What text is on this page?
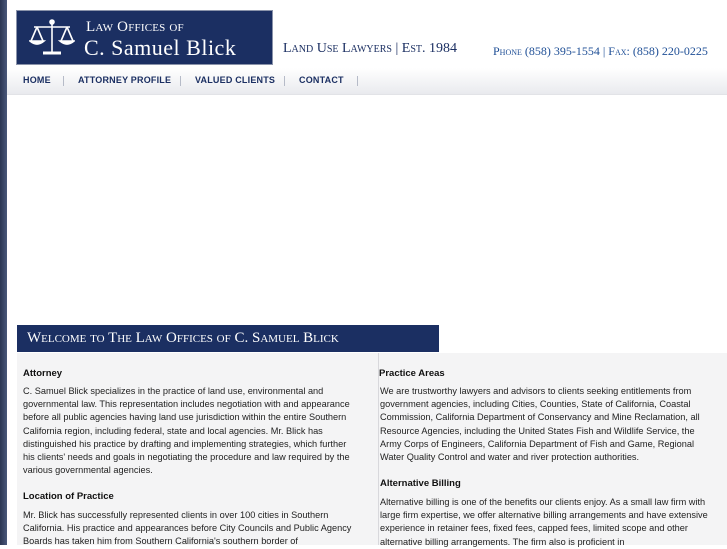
Law Offices of
C. Samuel Blick	Land Use Lawyers | Est. 1984	Phone (858) 395-1554 | Fax: (858) 220-0225
HOME	ATTORNEY PROFILE	VALUED CLIENTS	CONTACT
Welcome to The Law Offices of C. Samuel Blick
Attorney

C. Samuel Blick specializes in the practice of land use, environmental and governmental law. This representation includes negotiation with and appearance before all public agencies having land use jurisdiction within the entire Southern California region, including federal, state and local agencies. Mr. Blick has distinguished his practice by drafting and implementing strategies, which further his clients' needs and goals in negotiating the procedure and law required by the various governmental agencies.

Location of Practice

Mr. Blick has successfully represented clients in over 100 cities in Southern California. His practice and appearances before City Councils and Public Agency Boards has taken him from Southern California's southern border of

Practice Areas

We are trustworthy lawyers and advisors to clients seeking entitlements from government agencies, including Cities, Counties, State of California, Coastal Commission, California Department of Conservancy and Mine Reclamation, all Resource Agencies, including the United States Fish and Wildlife Service, the Army Corps of Engineers, California Department of Fish and Game, Regional Water Quality Control and water and river protection authorities.

Alternative Billing

Alternative billing is one of the benefits our clients enjoy. As a small law firm with large firm expertise, we offer alternative billing arrangements and have extensive experience in retainer fees, fixed fees, capped fees, limited scope and other alternative billing arrangements. The firm also is proficient in
